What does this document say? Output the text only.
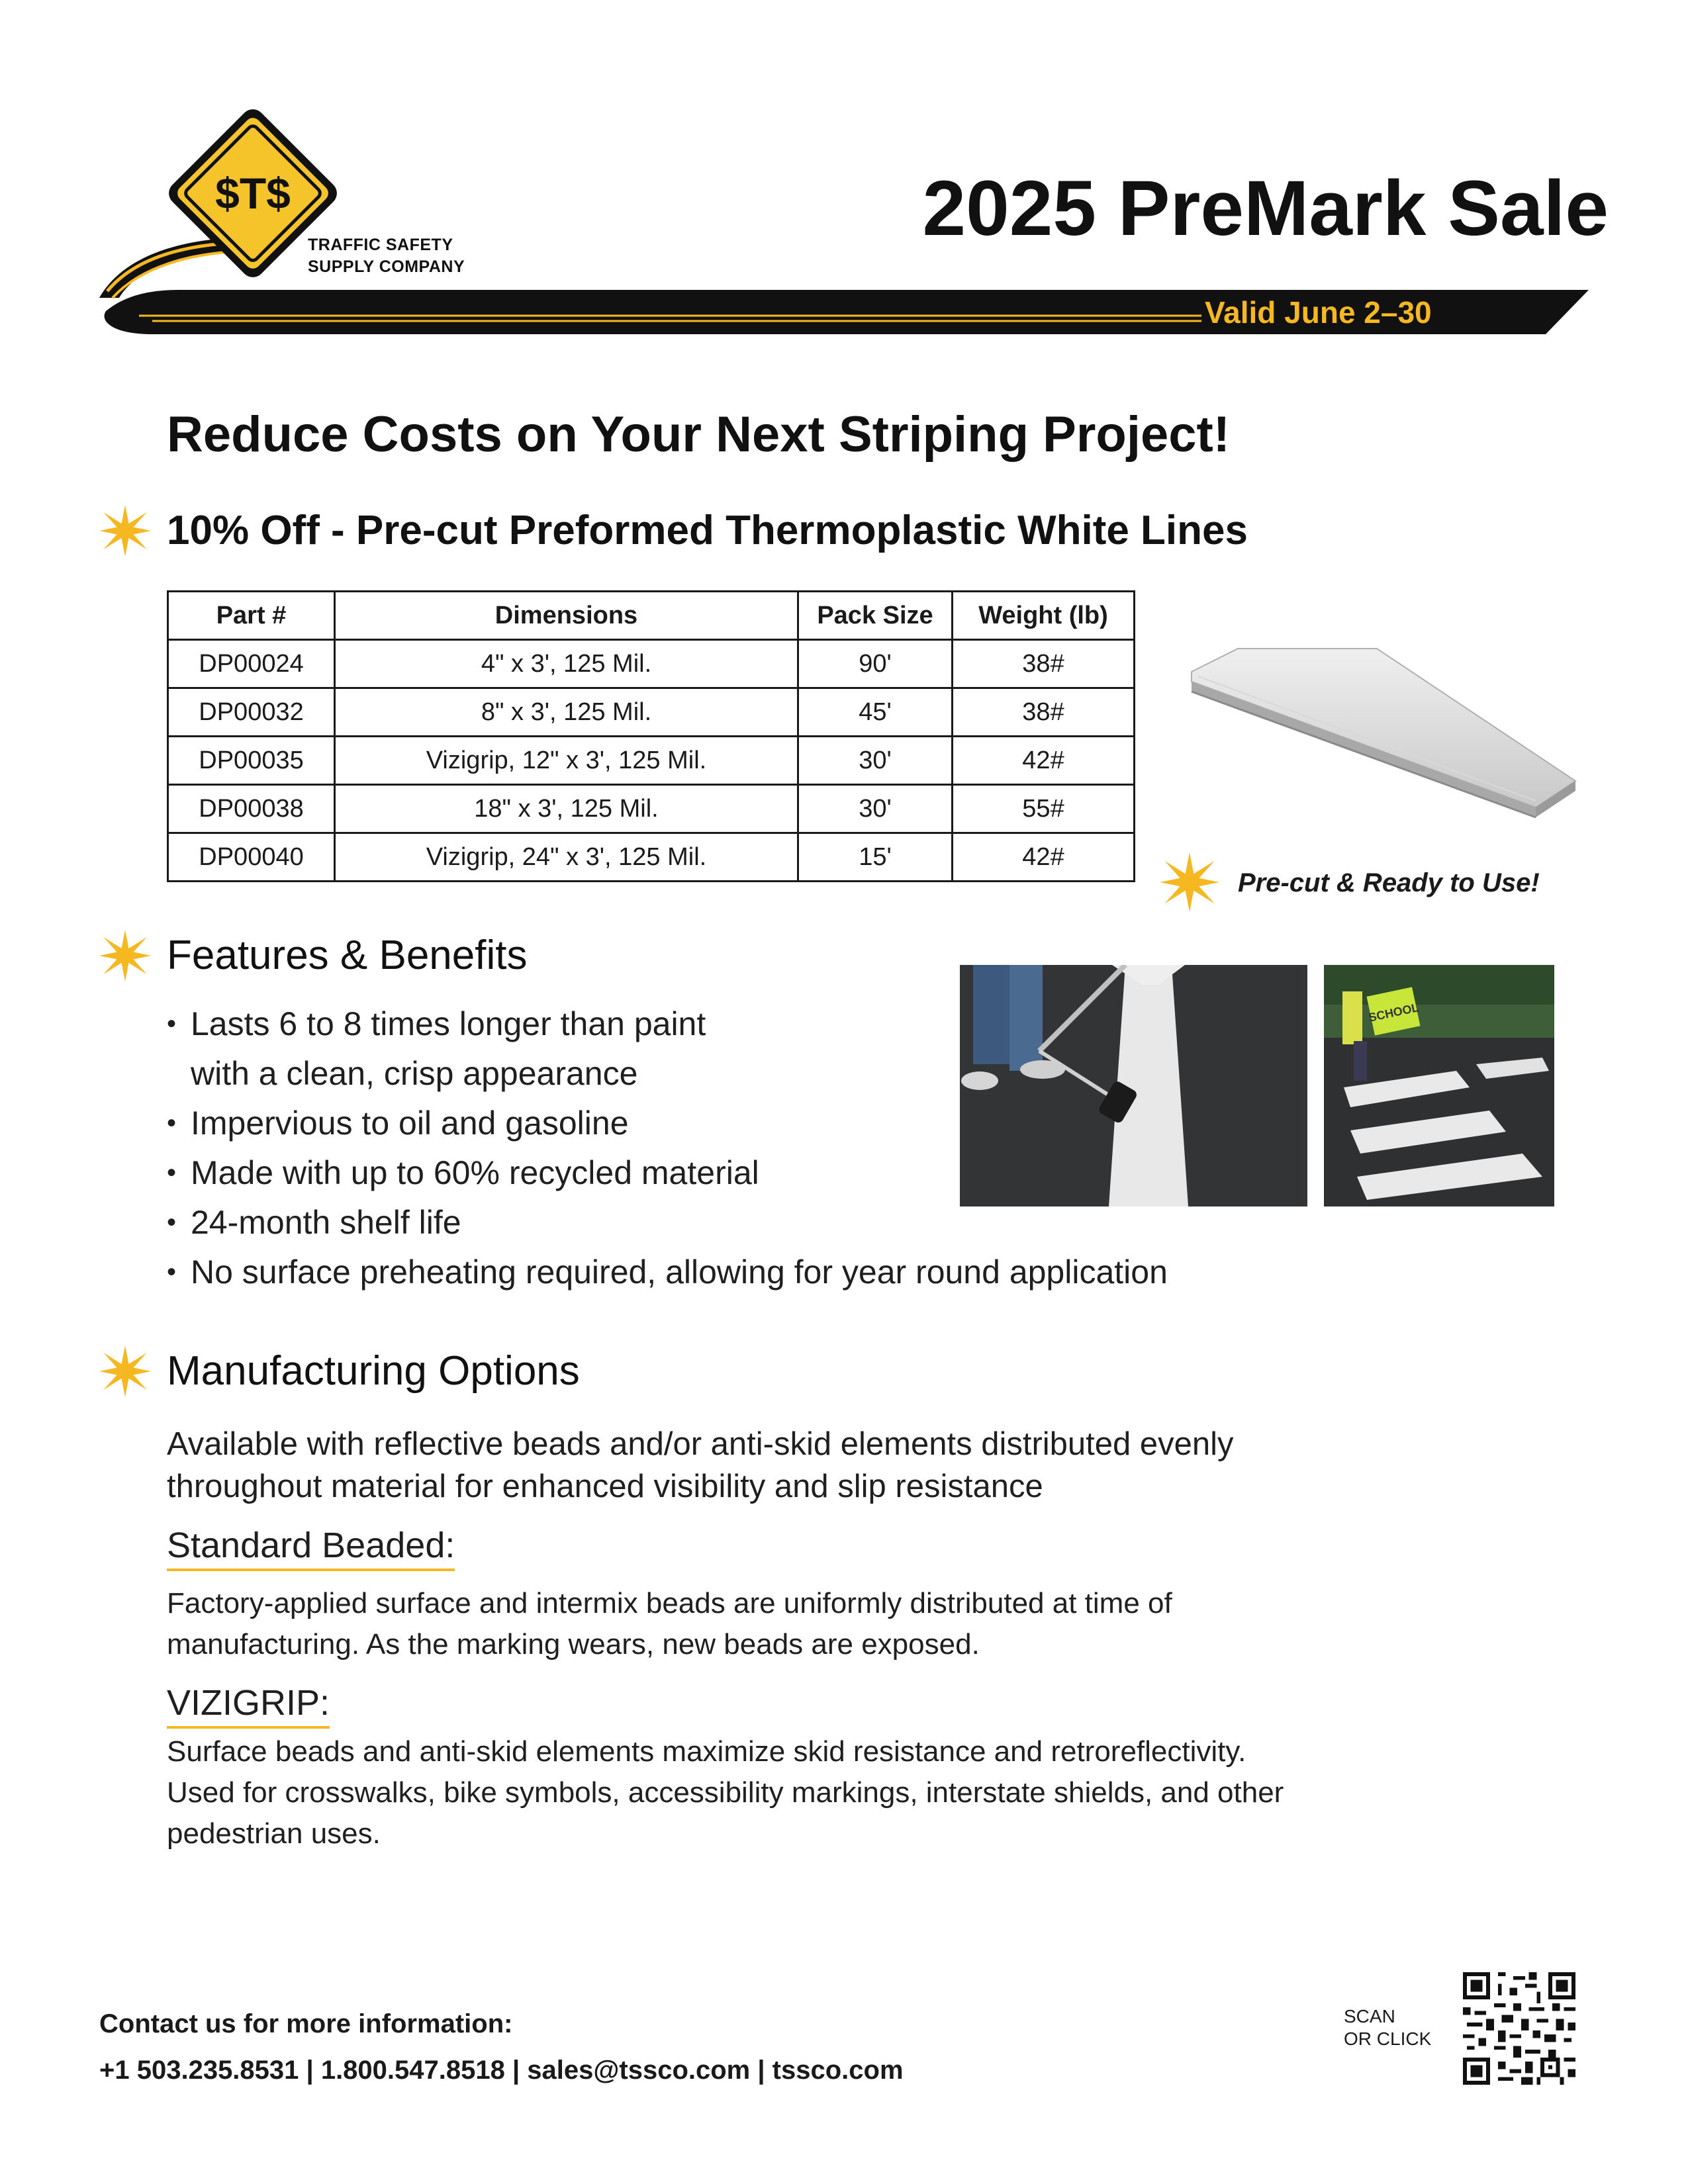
$T$
TRAFFIC SAFETY
SUPPLY COMPANY
2025 PreMark Sale
Valid June 2–30
Reduce Costs on Your Next Striping Project!
10% Off - Pre-cut Preformed Thermoplastic White Lines
Part #	Dimensions	Pack Size	Weight (lb)
DP00024	4" x 3', 125 Mil.	90'	38#
DP00032	8" x 3', 125 Mil.	45'	38#
DP00035	Vizigrip, 12" x 3', 125 Mil.	30'	42#
DP00038	18" x 3', 125 Mil.	30'	55#
DP00040	Vizigrip, 24" x 3', 125 Mil.	15'	42#
Pre-cut & Ready to Use!
Features & Benefits
• Lasts 6 to 8 times longer than paint
with a clean, crisp appearance
• Impervious to oil and gasoline
• Made with up to 60% recycled material
• 24-month shelf life
• No surface preheating required, allowing for year round application
SCHOOL
Manufacturing Options
Available with reflective beads and/or anti-skid elements distributed evenly
throughout material for enhanced visibility and slip resistance
Standard Beaded:
Factory-applied surface and intermix beads are uniformly distributed at time of
manufacturing. As the marking wears, new beads are exposed.
VIZIGRIP:
Surface beads and anti-skid elements maximize skid resistance and retroreflectivity.
Used for crosswalks, bike symbols, accessibility markings, interstate shields, and other
pedestrian uses.
Contact us for more information:
+1 503.235.8531 | 1.800.547.8518 | sales@tssco.com | tssco.com
SCAN
OR CLICK
